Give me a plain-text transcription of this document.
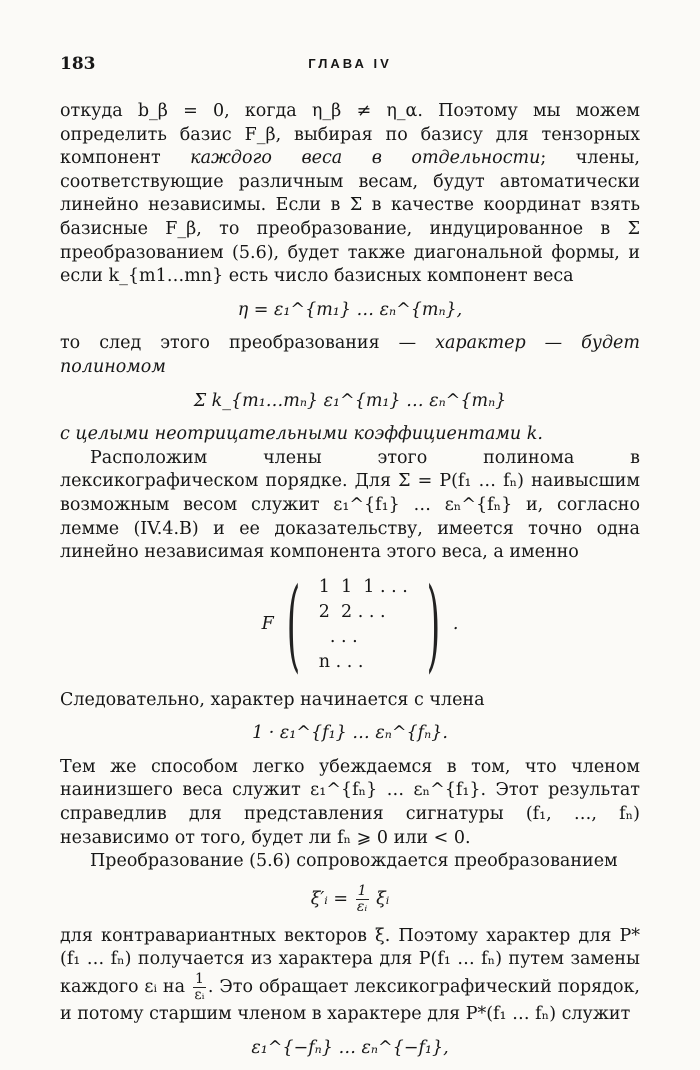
183	ГЛАВА IV

откуда b_β = 0, когда η_β ≠ η_α. Поэтому мы можем определить базис F_β, выбирая по базису для тензорных компонент каждого веса в отдельности; члены, соответствующие различным весам, будут автоматически линейно независимы. Если в Σ в качестве координат взять базисные F_β, то преобразование, индуцированное в Σ преобразованием (5.6), будет также диагональной формы, и если k_{m1…mn} есть число базисных компонент веса

η = ε₁^{m₁} … εₙ^{mₙ},

то след этого преобразования — характер — будет полиномом

Σ k_{m₁…mₙ} ε₁^{m₁} … εₙ^{mₙ}

с целыми неотрицательными коэффициентами k.

Расположим члены этого полинома в лексикографическом порядке. Для Σ = P(f₁ … fₙ) наивысшим возможным весом служит ε₁^{f₁} … εₙ^{fₙ} и, согласно лемме (IV.4.B) и ее доказательству, имеется точно одна линейно независимая компонента этого веса, а именно

F ( 1  1  1 . . .
2  2 . . .
. . .
n . . . ) .

Следовательно, характер начинается с члена

1 · ε₁^{f₁} … εₙ^{fₙ}.

Тем же способом легко убеждаемся в том, что членом наинизшего веса служит ε₁^{fₙ} … εₙ^{f₁}. Этот результат справедлив для представления сигнатуры (f₁, …, fₙ) независимо от того, будет ли fₙ ⩾ 0 или < 0.

Преобразование (5.6) сопровождается преобразованием

ξ′ᵢ = $\frac{1}{\text{εᵢ}}$ ξᵢ

для контравариантных векторов ξ. Поэтому характер для P*(f₁ … fₙ) получается из характера для P(f₁ … fₙ) путем замены каждого εᵢ на $\frac{1}{\text{εᵢ}}$ . Это обращает лексикографический порядок, и потому старшим членом в характере для P*(f₁ … fₙ) служит

ε₁^{−fₙ} … εₙ^{−f₁},
